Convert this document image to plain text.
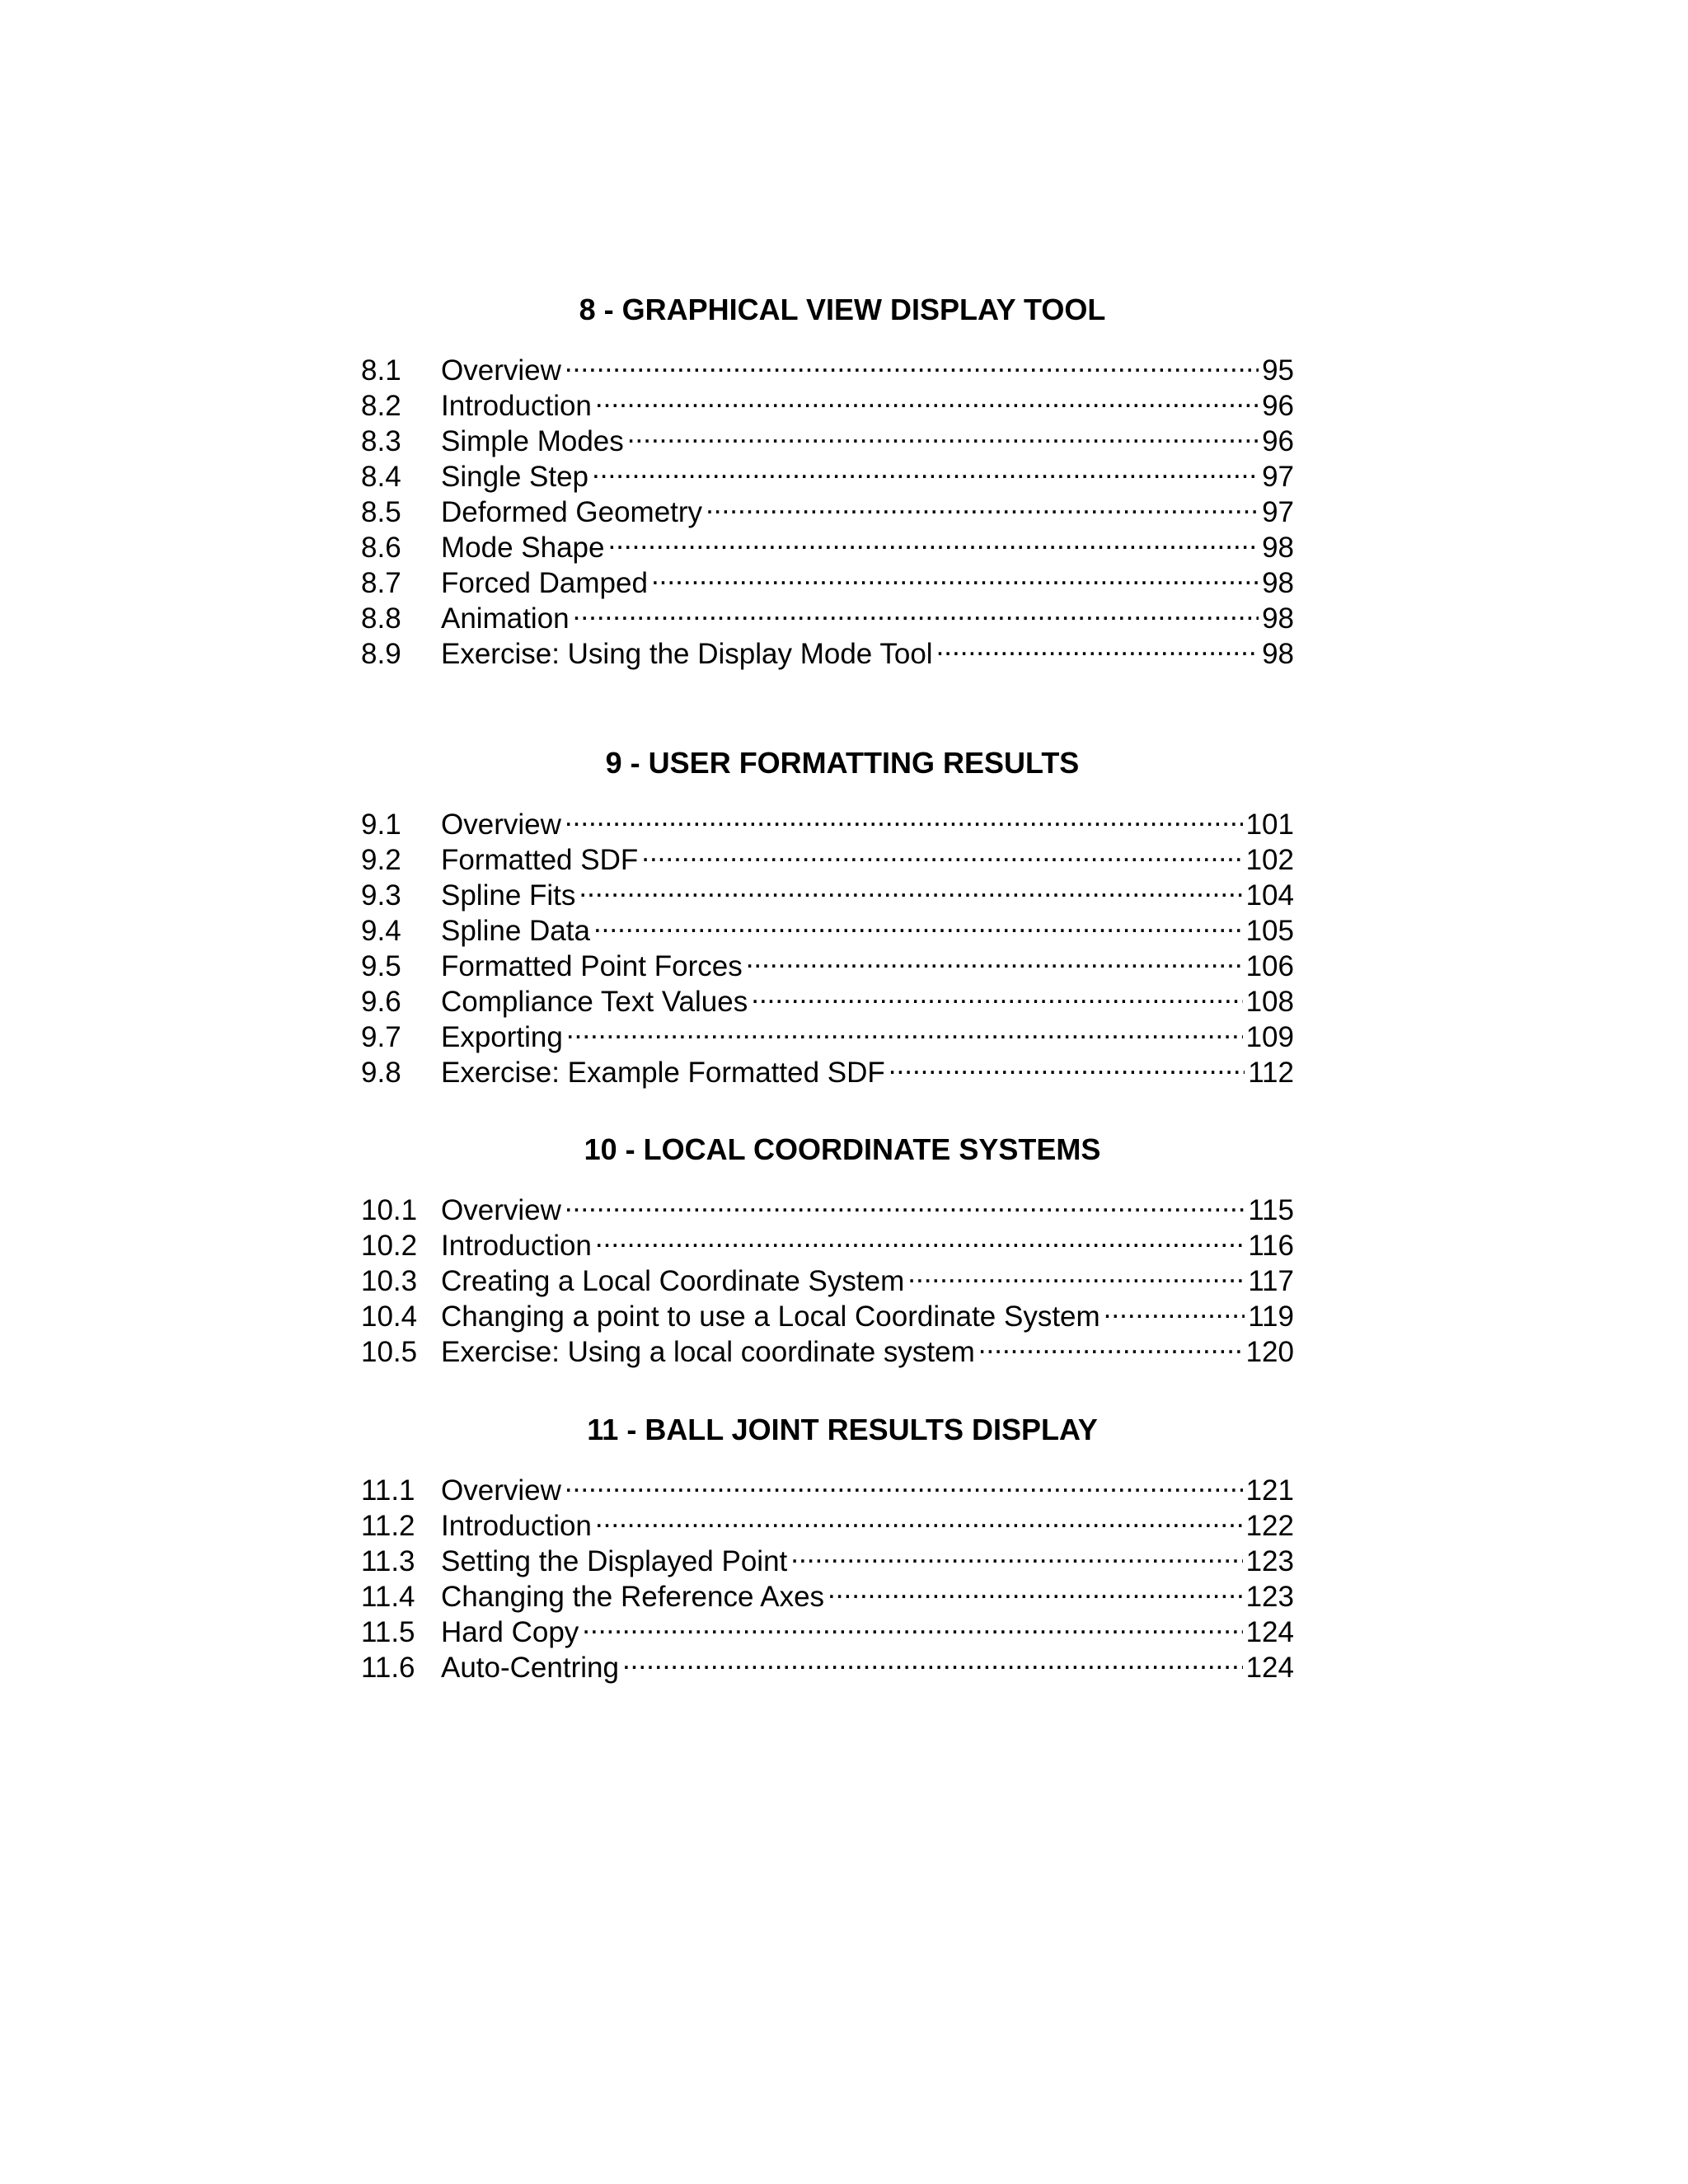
8 - GRAPHICAL VIEW DISPLAY TOOL
8.1	Overview .....	95
8.2	Introduction .....	96
8.3	Simple Modes .....	96
8.4	Single Step .....	97
8.5	Deformed Geometry .....	97
8.6	Mode Shape .....	98
8.7	Forced Damped .....	98
8.8	Animation .....	98
8.9	Exercise: Using the Display Mode Tool .....	98
9 - USER FORMATTING RESULTS
9.1	Overview .....	101
9.2	Formatted SDF .....	102
9.3	Spline Fits .....	104
9.4	Spline Data .....	105
9.5	Formatted Point Forces .....	106
9.6	Compliance Text Values .....	108
9.7	Exporting .....	109
9.8	Exercise: Example Formatted SDF .....	112
10 - LOCAL COORDINATE SYSTEMS
10.1 Overview .....	115
10.2 Introduction .....	116
10.3 Creating a Local Coordinate System .....	117
10.4 Changing a point to use a Local Coordinate System .....	119
10.5 Exercise: Using a local coordinate system .....	120
11 - BALL JOINT RESULTS DISPLAY
11.1 Overview .....	121
11.2 Introduction .....	122
11.3 Setting the Displayed Point .....	123
11.4 Changing the Reference Axes .....	123
11.5 Hard Copy .....	124
11.6 Auto-Centring .....	124
